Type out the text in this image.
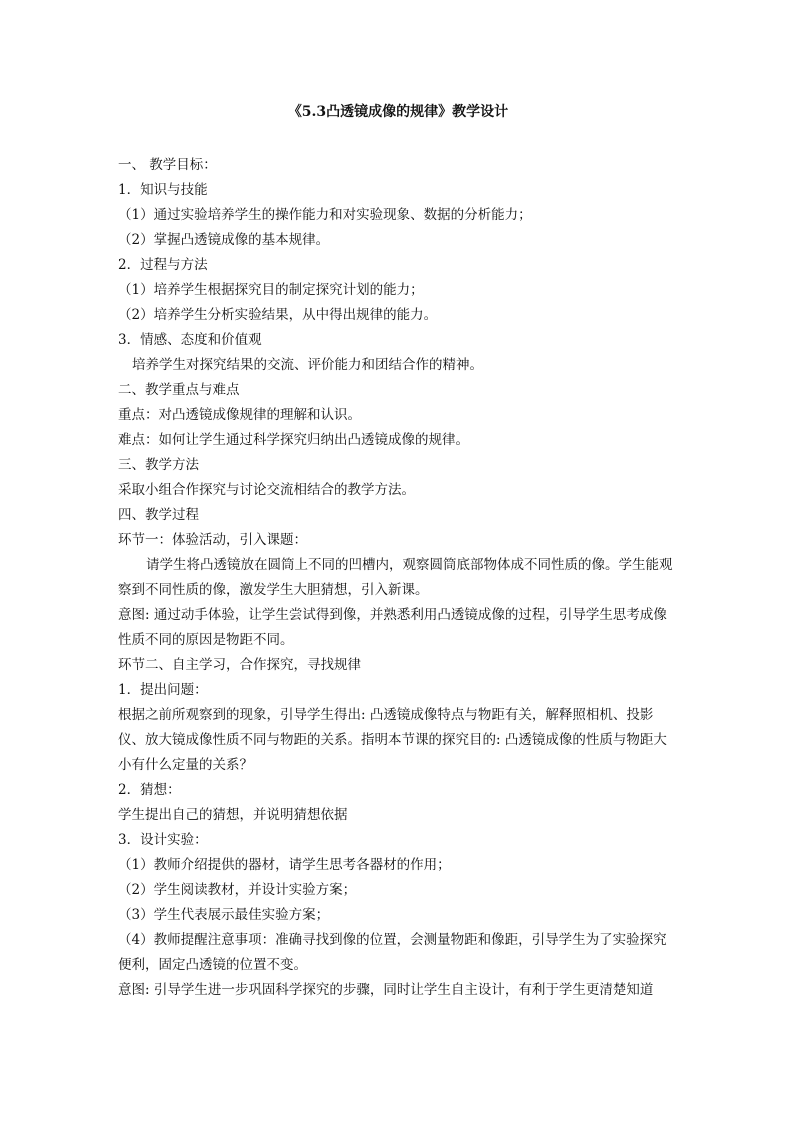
《5.3凸透镜成像的规律》教学设计

一、 教学目标：

1．知识与技能

（1）通过实验培养学生的操作能力和对实验现象、数据的分析能力；

（2）掌握凸透镜成像的基本规律。

2．过程与方法

（1）培养学生根据探究目的制定探究计划的能力；

（2）培养学生分析实验结果，从中得出规律的能力。

3．情感、态度和价值观

培养学生对探究结果的交流、评价能力和团结合作的精神。

二、教学重点与难点

重点：对凸透镜成像规律的理解和认识。

难点：如何让学生通过科学探究归纳出凸透镜成像的规律。

三、教学方法

采取小组合作探究与讨论交流相结合的教学方法。

四、教学过程

环节一：体验活动，引入课题：

请学生将凸透镜放在圆筒上不同的凹槽内，观察圆筒底部物体成不同性质的像。学生能观察到不同性质的像，激发学生大胆猜想，引入新课。

意图: 通过动手体验，让学生尝试得到像，并熟悉利用凸透镜成像的过程，引导学生思考成像性质不同的原因是物距不同。

环节二、自主学习，合作探究，寻找规律

1．提出问题：

根据之前所观察到的现象，引导学生得出: 凸透镜成像特点与物距有关，解释照相机、投影仪、放大镜成像性质不同与物距的关系。指明本节课的探究目的: 凸透镜成像的性质与物距大小有什么定量的关系？

2．猜想：

学生提出自己的猜想，并说明猜想依据

3．设计实验：

（1）教师介绍提供的器材，请学生思考各器材的作用；

（2）学生阅读教材，并设计实验方案；

（3）学生代表展示最佳实验方案；

（4）教师提醒注意事项：准确寻找到像的位置，会测量物距和像距，引导学生为了实验探究便利，固定凸透镜的位置不变。

意图: 引导学生进一步巩固科学探究的步骤，同时让学生自主设计，有利于学生更清楚知道
